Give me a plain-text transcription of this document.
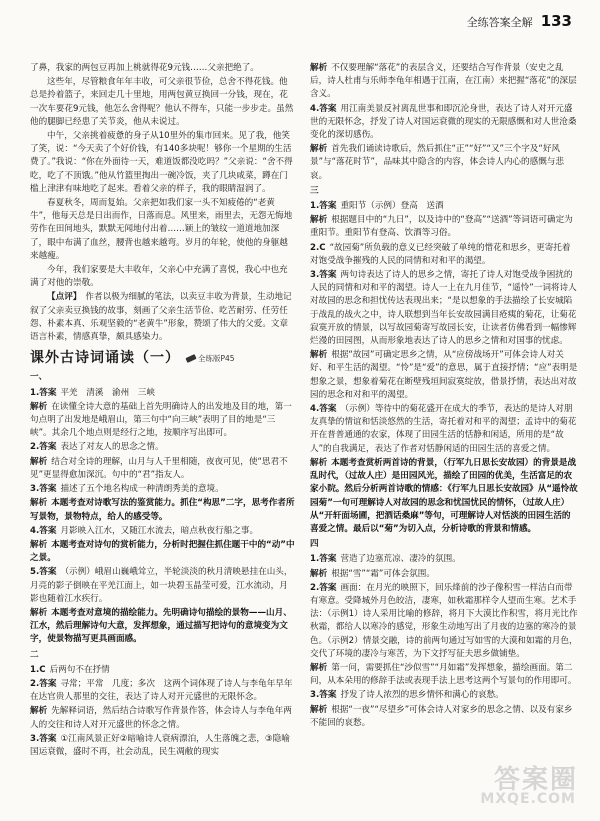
全练答案全解 133

了鼻，我家的两包豆再加上桃就得花9元钱……父亲把绝了。

这些年，尽管粮食年年丰收，可父亲很节俭，总舍不得花钱。他总是拎着篮子，来回走几十里地，用两包黄豆换回一分钱，现在，花一次车要花9元钱，他怎么舍得呢？他认不得车，只能一步步走。虽然他的腿脚已经患了关节炎，他从未说过。

中午，父亲挑着疲惫的身子从10里外的集市回来。见了我，他笑了笑，说：“今天卖了个好价钱，有140多块呢！够你一个星期的生活费了。”我说：“你在外面待一天，难道饭都没吃吗？”父亲说：“舍不得吃，吃了不顶饿。”他从竹篮里掏出一碗冷饭，夹了几块咸菜，蹲在门槛上津津有味地吃了起来。看着父亲的样子，我的眼睛湿润了。

春夏秋冬，周而复始。父亲把如我们家一头不知疲倦的“老黄牛”，他每天总是日出而作，日落而息。风里来，雨里去，无怨无悔地劳作在田间地头，默默无闻地付出着……颖上的皱纹一道道地加深了，眼中布满了血丝，腰背也越来越弯。岁月的年轮，使他的身躯越来越瘦。

今年，我们家要是大丰收年，父亲心中充满了喜悦，我心中也充满了对他的崇敬。

【点评】 作者以极为细腻的笔法，以卖豆丰收为背景，生动地记叙了父亲卖豆换钱的故事，刻画了父亲生活节俭、吃苦耐劳、任劳任怨、朴素本真、乐观坚毅的“老黄牛”形象，赞颂了伟大的父爱。文章语言朴素，情感真挚，颇具感染力。

课外古诗词诵读（一） 全练版P45
一、

1.答案 平羌　清溪　渝州　三峡

解析 在读懂全诗大意的基础上首先明确诗人的出发地及目的地，第一句点明了出发地是峨眉山，第三句中“向三峡”表明了目的地是“三峡”。其余几个地点则是经行之地，按顺序写出即可。

2.答案 表达了对友人的思念之情。

解析 结合对全诗的理解，山月与人千里相随，夜夜可见，使“思君不见”更显得愈加深沉。句中的“君”指友人。

3.答案 描述了五个地名构成一种清朗秀美的意境。

解析 本题考查对诗歌写法的鉴赏能力。抓住“构思”二字，思考作者所写景物，景物特点，给人的感受等。

4.答案 月影映入江水，又随江水流去，暗点秋夜行船之事。

解析 本题考查对诗句的赏析能力，分析时把握住抓住题干中的“动”中之景。

5.答案 （示例）峨眉山巍峨耸立，半轮淡淡的秋月清映悬挂在山头，月亮的影子倒映在平羌江面上，如一块碧玉晶莹可爱，江水流动，月影也随着江水疾行。

解析 本题考查对意境的描绘能力。先明确诗句描绘的景物——山月、江水，然后理解诗句大意，发挥想象，通过描写把诗句的意境变为文字，使景物描写更具画面感。

二

1.C 后两句不在抒情

2.答案 寻常；平常　几度；多次　这两个词体现了诗人与李龟年早年在达官贵人那里的交往，表达了诗人对开元盛世的无限怀念。

解析 先解释词语，然后结合诗歌写作背景作答，体会诗人与李龟年两人的交往和诗人对开元盛世的怀念之情。

3.答案 ①江南风景正好②暗喻诗人衰病漂泊，人生落魄之悲，③隐喻国运衰微，盛时不再，社会动乱，民生凋敝的现实

解析 不仅要理解“落花”的表层含义，还要结合写作背景（安史之乱后，诗人杜甫与乐师李龟年相遇于江南，在江南）来把握“落花”的深层含义。

4.答案 用江南美景反衬离乱世事和即沉沦身世，表达了诗人对开元盛世的无限怀念，抒发了诗人对国运衰微的现实的无限感慨和对人世沧桑变化的深切感伤。

解析 首先我们诵读诗歌后，然后抓住“正”“好”“又”三个字及“好风景”与“落花时节”，品味其中隐含的内容，体会诗人内心的感慨与悲哀。

三

1.答案 重阳节（示例）登高　送酒

解析 根据题目中的“九日”，以及诗中的“登高”“送酒”等词语可确定为重阳节。重阳节有登高、饮酒等习俗。

2.C “故园菊”所负载的意义已经突破了单纯的惜花和思乡，更寄托着对饱受战争摧残的人民的同情和对和平的渴望。

3.答案 两句诗表达了诗人的思乡之情，寄托了诗人对饱受战争困扰的人民的同情和对和平的渴望。诗人一上在九月佳节，“遥怜”一词将诗人对故园的思念和担忧传达表现出来；“是以想象的手法描绘了长安城陷于战乱的战火之中，诗人联想到当年长安故园满目疮痍的菊花，让菊花寂寞开放的情景，以写故园菊寄写故园长安，让读者仿佛看到一幅惨辉烂漫的田园图，从而形象地表达了诗人的思乡之情和对国事的忧虑。

解析 根据“故园”可确定思乡之情，从“应傍战场开”可体会诗人对关好、和平生活的渴望。“怜”是“爱”的意思，属于直接抒情；“应”表明是想象之景，想象着菊花在断壁残垣间寂寞绽放，借景抒情，表达出对故园的思念和对和平的渴望。

4.答案 （示例）等待中的菊花盛开在成大的季节，表达的是诗人对朋友真挚的情谊和恬淡悠然的生活，寄托着对和平的渴望；孟诗中的菊花开在普普通通的农家，体现了田园生活的恬静和闲适，所用的是“故人”的自我满足，表达了作者对恬静闲适的田园生活的喜爱之情。

解析 本题考查赏析两首诗的背景，（行军九日思长安故园）的背景是战乱时代，（过故人庄）是田园风光，描绘了田园的优美，生活富足的农家小院。然后分析两首诗歌的情感：《行军九日思长安故园》从“遥怜故园菊”一句可理解诗人对故园的思念和忧国忧民的情怀，（过故人庄）从“开轩面场圃，把酒话桑麻”等句，可理解诗人对恬淡的田园生活的喜爱之情。最后以“菊”为切入点，分析诗歌的背景和情感。

四

1.答案 营造了边塞荒凉、凄冷的氛围。

解析 根据“雪”“霜”可体会氛围。

2.答案 画面：在月光的映照下，回乐烽前的沙子像积雪一样洁白而带有寒意。受降城外月色皎洁，凄寒，如秋霜那样令人望而生寒。艺术手法：（示例1）诗人采用比喻的修辞，将月下大漠比作积雪，将月光比作秋霜，都给人以寒冷的感觉，形象生动地写出了月夜的边塞的寒冷的景色。（示例2）情景交融，诗的前两句通过写如雪的大漠和如霜的月色，交代了环境的凄冷与寒苦，为下文抒写征夫思乡做铺垫。

解析 第一问，需要抓住“沙似雪”“月如霜”发挥想象，描绘画面。第二问，从本朵用的修辞手法或表现手法上思考这两个写景句的作用即可。

3.答案 抒发了诗人浓烈的思乡情怀和满心的哀愁。

解析 根据“一夜”“尽望乡”可体会诗人对家乡的思念之情、以及有家乡不能回的哀愁。

答案圈
MXQE.COM
